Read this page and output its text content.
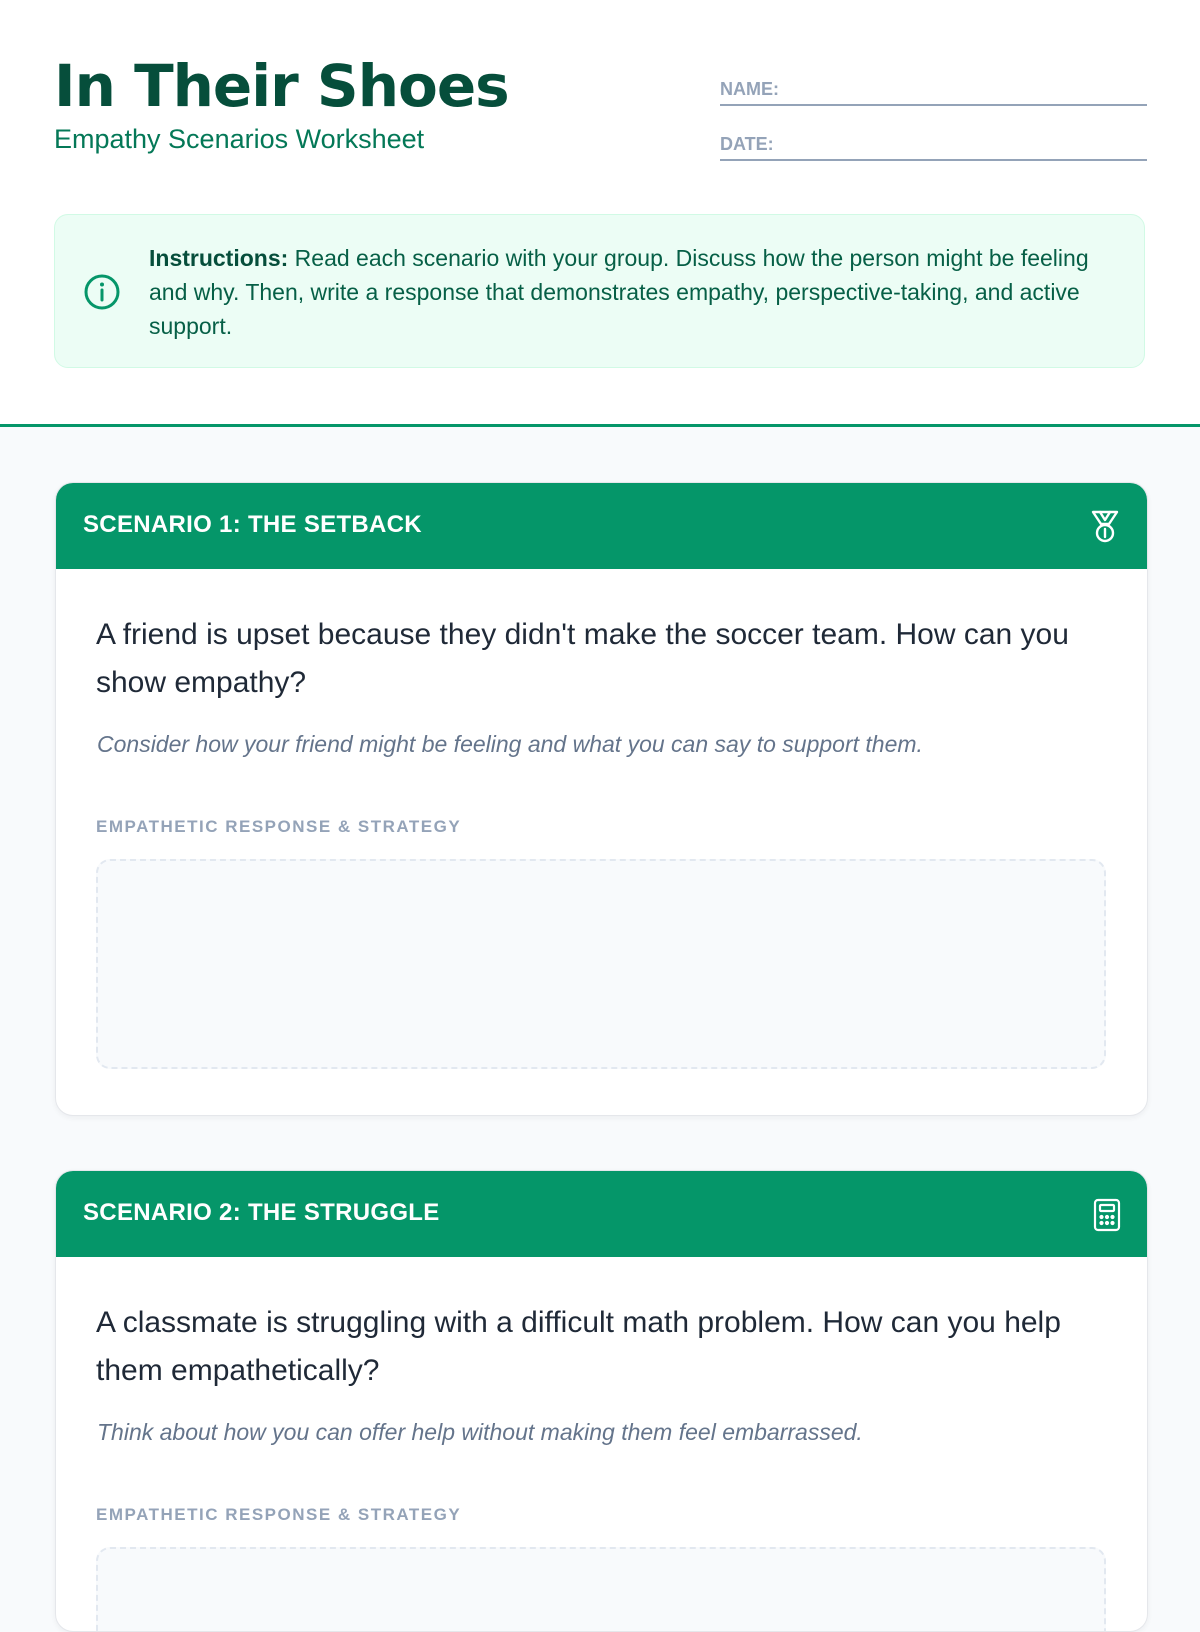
In Their Shoes
Empathy Scenarios Worksheet
NAME:
DATE:
Instructions: Read each scenario with your group. Discuss how the person might be feeling and why. Then, write a response that demonstrates empathy, perspective-taking, and active support.
SCENARIO 1: THE SETBACK
A friend is upset because they didn't make the soccer team. How can you show empathy?
Consider how your friend might be feeling and what you can say to support them.
EMPATHETIC RESPONSE & STRATEGY
SCENARIO 2: THE STRUGGLE
A classmate is struggling with a difficult math problem. How can you help them empathetically?
Think about how you can offer help without making them feel embarrassed.
EMPATHETIC RESPONSE & STRATEGY
